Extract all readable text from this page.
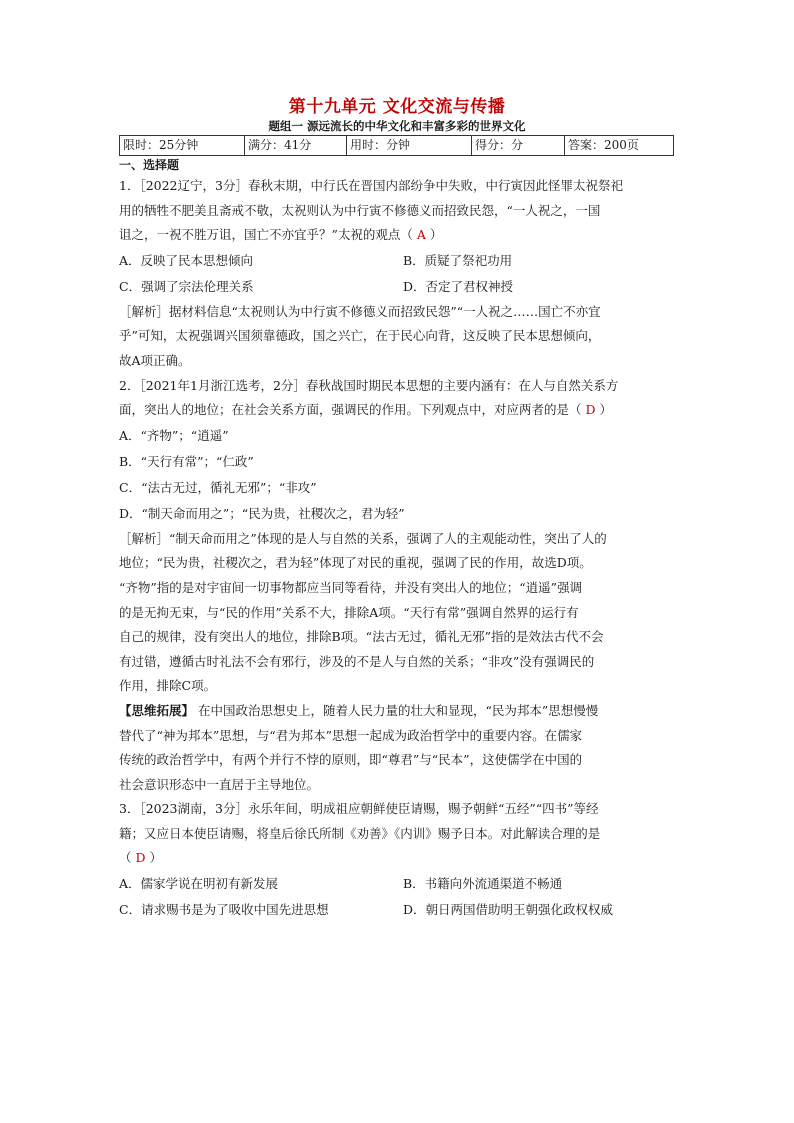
第十九单元 文化交流与传播
题组一 源远流长的中华文化和丰富多彩的世界文化
限时：25分钟	满分：41分	用时：分钟	得分：分	答案：200页
一、选择题

1．［2022辽宁，3分］春秋末期，中行氏在晋国内部纷争中失败，中行寅因此怪罪太祝祭祀

用的牺牲不肥美且斋戒不敬，太祝则认为中行寅不修德义而招致民怨，“一人祝之，一国

诅之，一祝不胜万诅，国亡不亦宜乎？”太祝的观点（ A ）

A．反映了民本思想倾向	B．质疑了祭祀功用
C．强调了宗法伦理关系	D．否定了君权神授

［解析］据材料信息“太祝则认为中行寅不修德义而招致民怨”“一人祝之……国亡不亦宜

乎”可知，太祝强调兴国须靠德政，国之兴亡，在于民心向背，这反映了民本思想倾向，

故A项正确。

2．［2021年1月浙江选考，2分］春秋战国时期民本思想的主要内涵有：在人与自然关系方

面，突出人的地位；在社会关系方面，强调民的作用。下列观点中，对应两者的是（ D ）

A．“齐物”；“逍遥”
B．“天行有常”；“仁政”
C．“法古无过，循礼无邪”；“非攻”
D．“制天命而用之”；“民为贵，社稷次之，君为轻”

［解析］“制天命而用之”体现的是人与自然的关系，强调了人的主观能动性，突出了人的

地位；“民为贵，社稷次之，君为轻”体现了对民的重视，强调了民的作用，故选D项。

“齐物”指的是对宇宙间一切事物都应当同等看待，并没有突出人的地位；“逍遥”强调

的是无拘无束，与“民的作用”关系不大，排除A项。“天行有常”强调自然界的运行有

自己的规律，没有突出人的地位，排除B项。“法古无过，循礼无邪”指的是效法古代不会

有过错，遵循古时礼法不会有邪行，涉及的不是人与自然的关系；“非攻”没有强调民的

作用，排除C项。

【思维拓展】 在中国政治思想史上，随着人民力量的壮大和显现，“民为邦本”思想慢慢

替代了“神为邦本”思想，与“君为邦本”思想一起成为政治哲学中的重要内容。在儒家

传统的政治哲学中，有两个并行不悖的原则，即“尊君”与“民本”，这使儒学在中国的

社会意识形态中一直居于主导地位。

3．［2023湖南，3分］永乐年间，明成祖应朝鲜使臣请赐，赐予朝鲜“五经”“四书”等经

籍；又应日本使臣请赐，将皇后徐氏所制《劝善》《内训》赐予日本。对此解读合理的是

（ D ）

A．儒家学说在明初有新发展	B．书籍向外流通渠道不畅通
C．请求赐书是为了吸收中国先进思想	D．朝日两国借助明王朝强化政权权威
